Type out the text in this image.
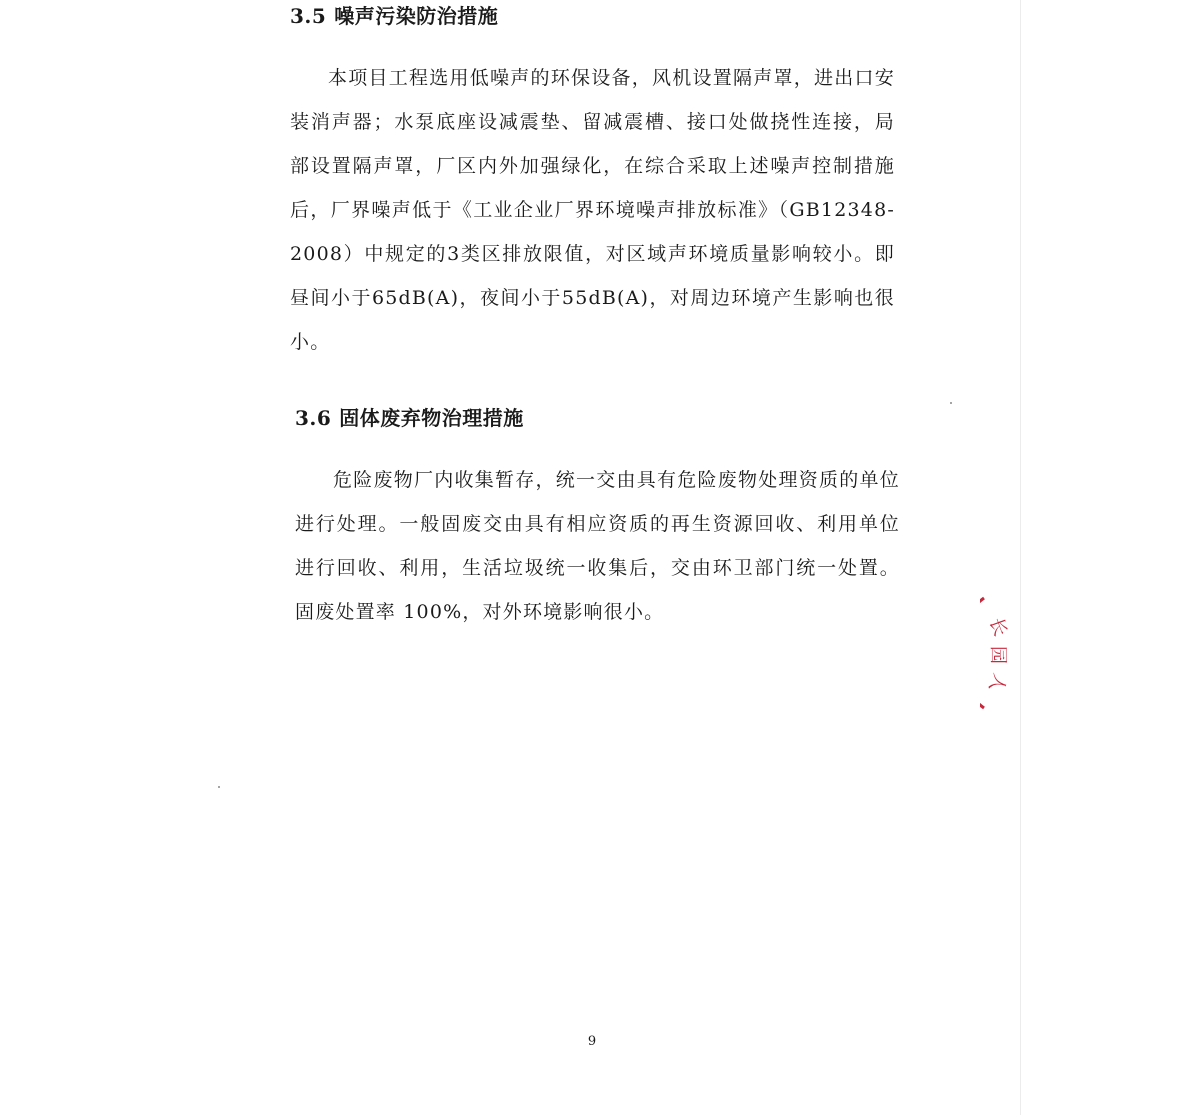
3.5 噪声污染防治措施

本项目工程选用低噪声的环保设备，风机设置隔声罩，进出口安装消声器；水泵底座设减震垫、留减震槽、接口处做挠性连接，局部设置隔声罩，厂区内外加强绿化，在综合采取上述噪声控制措施后，厂界噪声低于《工业企业厂界环境噪声排放标准》（GB12348-2008）中规定的3类区排放限值，对区域声环境质量影响较小。即昼间小于65dB(A)，夜间小于55dB(A)，对周边环境产生影响也很小。

3.6 固体废弃物治理措施

危险废物厂内收集暂存，统一交由具有危险废物处理资质的单位进行处理。一般固废交由具有相应资质的再生资源回收、利用单位进行回收、利用，生活垃圾统一收集后，交由环卫部门统一处置。固废处置率 100%，对外环境影响很小。

9
长
园
人
